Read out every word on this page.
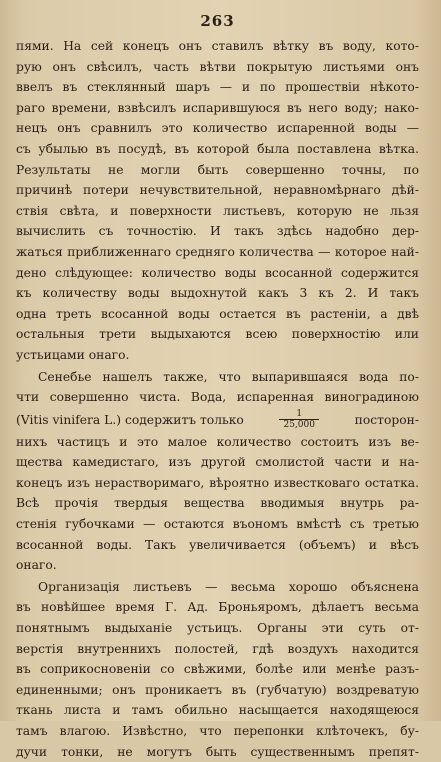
263
пями. На сей конецъ онъ ставилъ вѣтку въ воду, кото-
рую онъ свѣсилъ, часть вѣтви покрытую листьями онъ
ввелъ въ стеклянный шаръ — и по прошествіи нѣкото-
раго времени, взвѣсилъ испарившуюся въ него воду; нако-
нецъ онъ сравнилъ это количество испаренной воды —
съ убылью въ посудѣ, въ которой была поставлена вѣтка.
Результаты не могли быть совершенно точны, по
причинѣ потери нечувствительной, неравномѣрнаго дѣй-
ствія свѣта, и поверхности листьевъ, которую не льзя
вычислить съ точностію. И такъ здѣсь надобно дер-
жаться приближеннаго средняго количества — которое най-
дено слѣдующее: количество воды всосанной содержится
къ количеству воды выдохнутой какъ 3 къ 2. И такъ
одна треть всосанной воды остается въ растеніи, а двѣ
остальныя трети выдыхаются всею поверхностію или
устьицами онаго.
Сенебье нашелъ также, что выпарившаяся вода по-
чти совершенно чиста. Вода, испаренная виноградиною
(Vitis vinifera L.) содержитъ только	$\frac{1}{25,000}$	посторон-
нихъ частицъ и это малое количество состоитъ изъ ве-
щества камедистаго, изъ другой смолистой части и на-
конецъ изъ нерастворимаго, вѣроятно известковаго остатка.
Всѣ прочія твердыя вещества вводимыя внутрь ра-
стенія губочками — остаются въономъ вмѣстѣ съ третью
всосанной воды. Такъ увеличивается (объемъ) и вѣсъ
онаго.
Организація листьевъ — весьма хорошо объяснена
въ новѣйшее время Г. Ад. Броньяромъ, дѣлаетъ весьма
понятнымъ выдыханіе устьицъ. Органы эти суть от-
верстія внутреннихъ полостей, гдѣ воздухъ находится
въ соприкосновеніи со свѣжими, болѣе или менѣе разъ-
единенными; онъ проникаетъ въ (губчатую) воздреватую
ткань листа и тамъ обильно насыщается находящеюся
тамъ влагою. Извѣстно, что перепонки клѣточекъ, бу-
дучи тонки, не могутъ быть существеннымъ препят-
